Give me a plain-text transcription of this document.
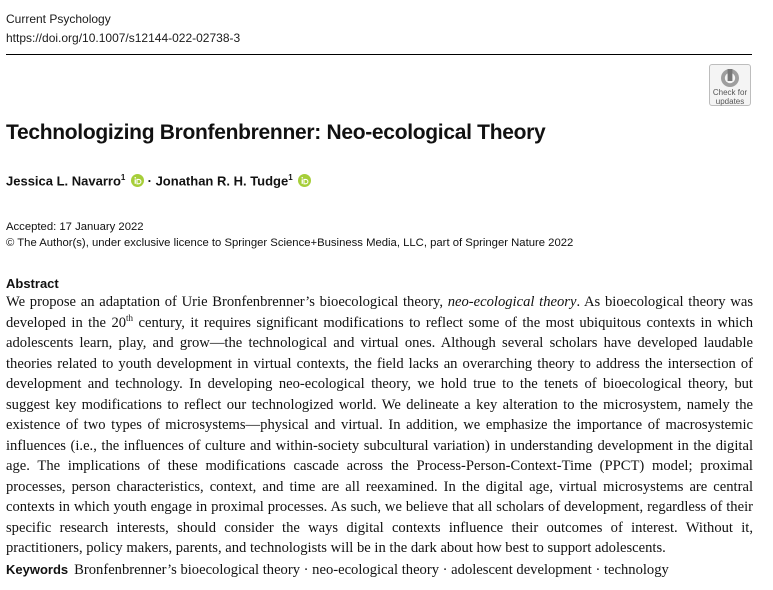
Current Psychology
https://doi.org/10.1007/s12144-022-02738-3
Check for
updates
Technologizing Bronfenbrenner: Neo-ecological Theory
Jessica L. Navarro$^1$ · Jonathan R. H. Tudge$^1$
Accepted: 17 January 2022
© The Author(s), under exclusive licence to Springer Science+Business Media, LLC, part of Springer Nature 2022
Abstract

We propose an adaptation of Urie Bronfenbrenner’s bioecological theory, neo-ecological theory. As bioecological theory was developed in the 20th century, it requires significant modifications to reflect some of the most ubiquitous contexts in which adolescents learn, play, and grow—the technological and virtual ones. Although several scholars have developed laudable theories related to youth development in virtual contexts, the field lacks an overarching theory to address the intersection of development and technology. In developing neo-ecological theory, we hold true to the tenets of bioecological theory, but suggest key modifications to reflect our technologized world. We delineate a key alteration to the microsystem, namely the existence of two types of microsystems—physical and virtual. In addition, we emphasize the importance of macrosystemic influences (i.e., the influences of culture and within-society subcultural variation) in understanding development in the digital age. The implications of these modifications cascade across the Process-Person-Context-Time (PPCT) model; proximal processes, person characteristics, context, and time are all reexamined. In the digital age, virtual microsystems are central contexts in which youth engage in proximal processes. As such, we believe that all scholars of development, regardless of their specific research interests, should consider the ways digital contexts influence their outcomes of interest. Without it, practitioners, policy makers, parents, and technologists will be in the dark about how best to support adolescents.

Keywords Bronfenbrenner’s bioecological theory · neo-ecological theory · adolescent development · technology
